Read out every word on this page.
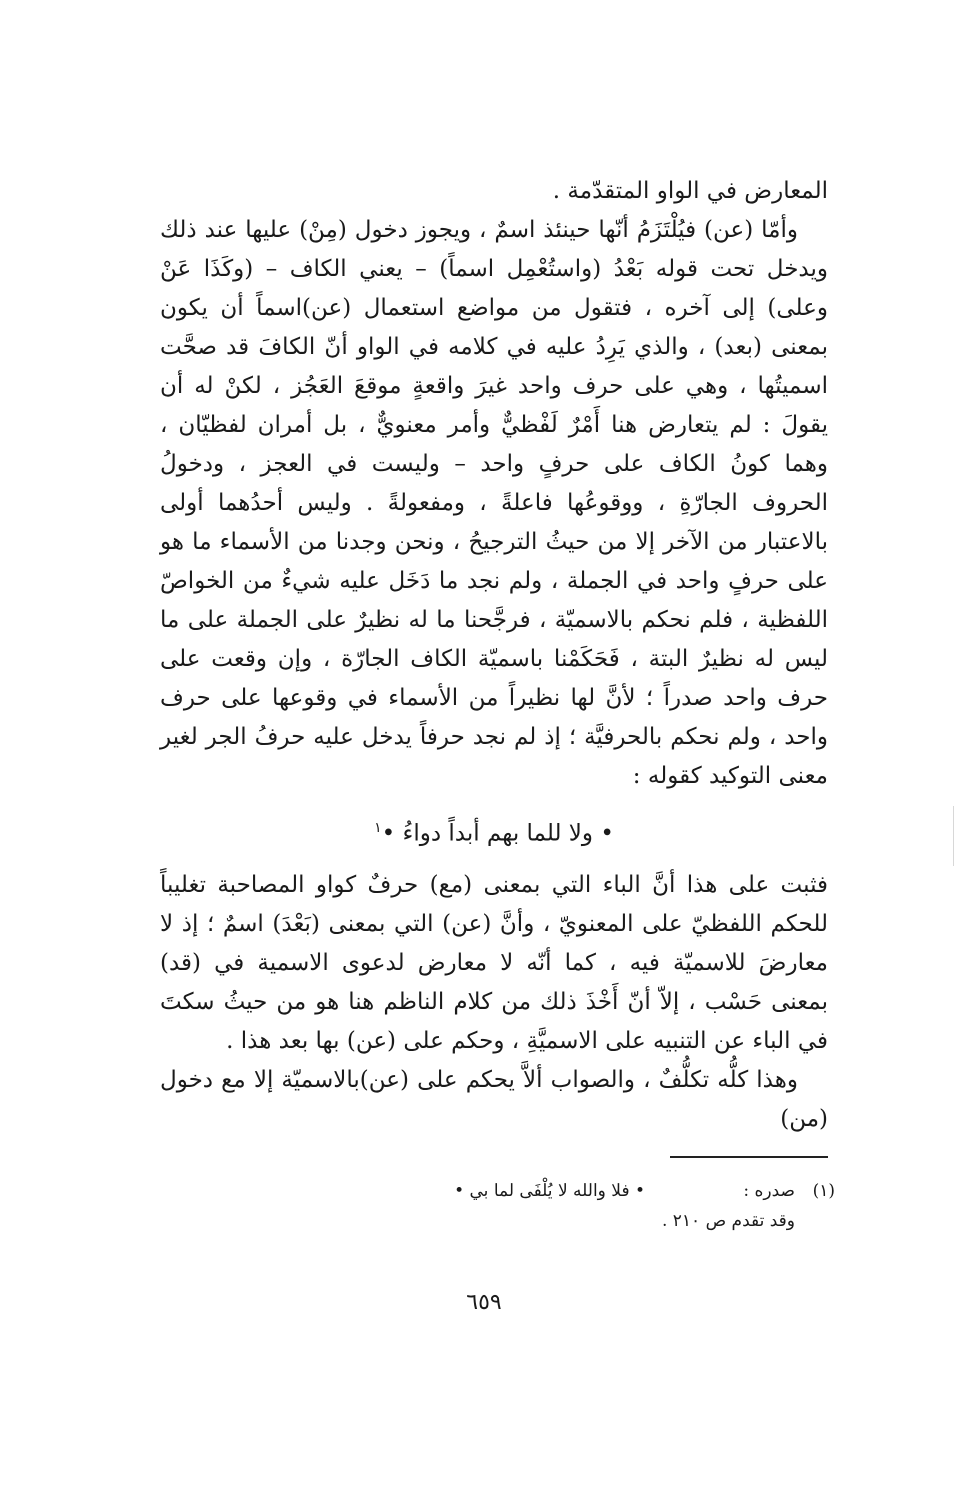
المعارض في الواو المتقدّمة .

وأمّا (عن) فيُلْتَزَمُ أنّها حينئذ اسمٌ ، ويجوز دخول (مِنْ) عليها عند ذلك ويدخل تحت قوله بَعْدُ (واستُعْمِل اسماً) – يعني الكاف – (وكَذَا عَنْ وعلى) إلى آخره ، فتقول من مواضع استعمال (عن)اسماً أن يكون بمعنى (بعد) ، والذي يَرِدُ عليه في كلامه في الواو أنّ الكافَ قد صحَّت اسميتُها ، وهي على حرف واحد غيرَ واقعةٍ موقعَ العَجُز ، لكنْ له أن يقولَ : لم يتعارض هنا أَمْرٌ لَفْظيٌّ وأمر معنويٌّ ، بل أمران لفظيّان ، وهما كونُ الكاف على حرفٍ واحد – وليست في العجز ، ودخولُ الحروف الجارّةِ ، ووقوعُها فاعلةً ، ومفعولةً . وليس أحدُهما أولى بالاعتبار من الآخر إلا من حيثُ الترجيحُ ، ونحن وجدنا من الأسماء ما هو على حرفٍ واحد في الجملة ، ولم نجد ما دَخَل عليه شيءٌ من الخواصّ اللفظية ، فلم نحكم بالاسميّة ، فرجَّحنا ما له نظيرٌ على الجملة على ما ليس له نظيرٌ البتة ، فَحَكَمْنا باسميّة الكاف الجارّة ، وإن وقعت على حرف واحد صدراً ؛ لأنَّ لها نظيراً من الأسماء في وقوعها على حرف واحد ، ولم نحكم بالحرفيَّة ؛ إذ لم نجد حرفاً يدخل عليه حرفُ الجر لغير معنى التوكيد كقوله :

• ولا للما بهم أبداً دواءُ •$^١$

فثبت على هذا أنَّ الباء التي بمعنى (مع) حرفٌ كواو المصاحبة تغليباً للحكم اللفظيّ على المعنويّ ، وأنَّ (عن) التي بمعنى (بَعْدَ) اسمٌ ؛ إذ لا معارضَ للاسميّة فيه ، كما أنّه لا معارض لدعوى الاسمية في (قد) بمعنى حَسْب ، إلاّ أنّ أَخْذَ ذلك من كلام الناظم هنا هو من حيثُ سكتَ في الباء عن التنبيه على الاسميَّةِ ، وحكم على (عن) بها بعد هذا .

وهذا كلُّه تكلُّفٌ ، والصواب ألاَّ يحكم على (عن)بالاسميّة إلا مع دخول (من)

(١)
صدره :
• فلا والله لا يُلْفَى لما بي •
وقد تقدم ص ٢١٠ .
٦٥٩
